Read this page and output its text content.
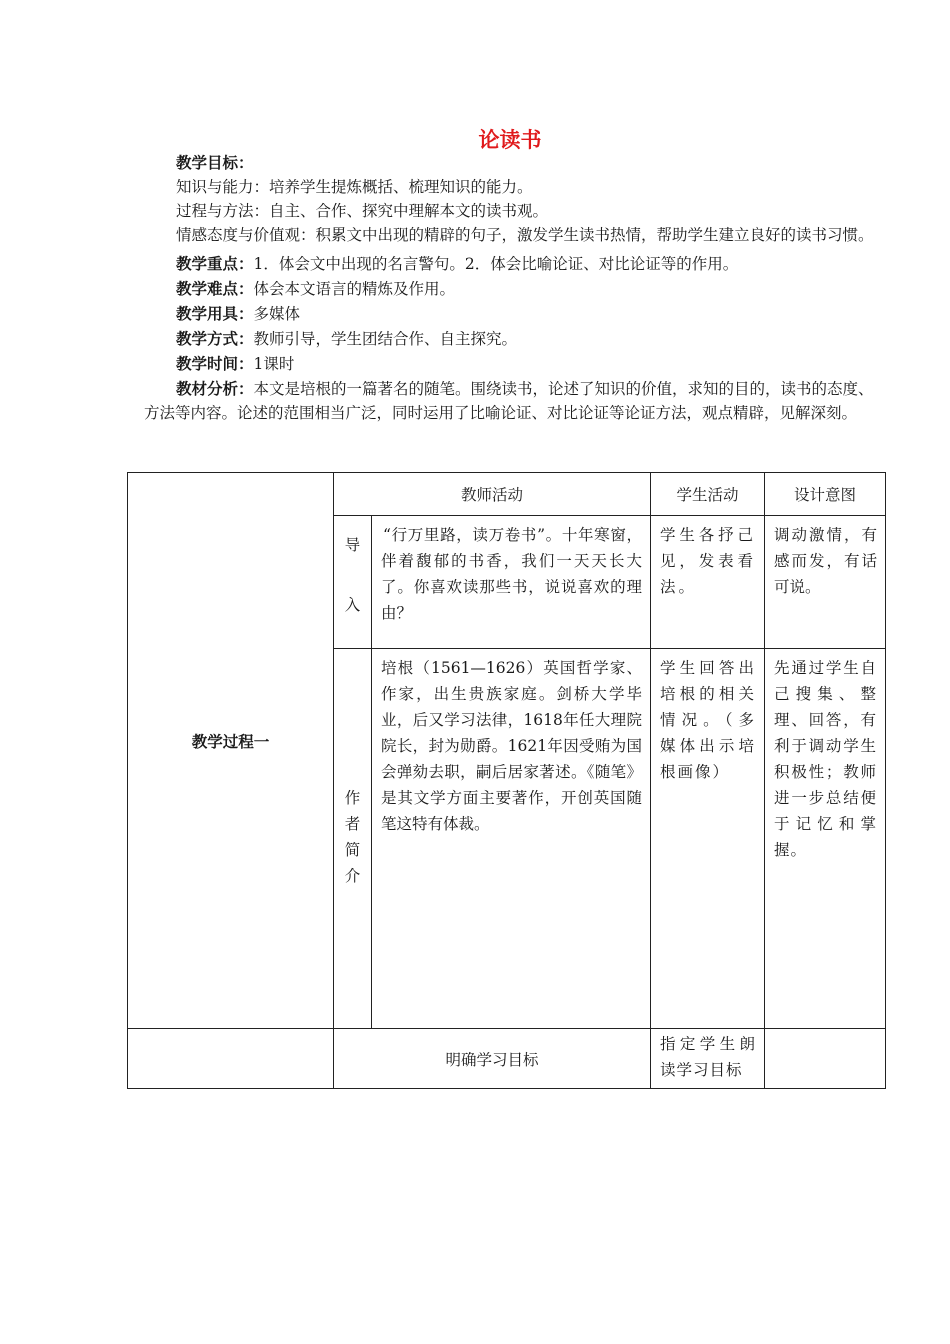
论读书

教学目标：

知识与能力：培养学生提炼概括、梳理知识的能力。

过程与方法：自主、合作、探究中理解本文的读书观。

情感态度与价值观：积累文中出现的精辟的句子，激发学生读书热情，帮助学生建立良好的读书习惯。

教学重点：1．体会文中出现的名言警句。2．体会比喻论证、对比论证等的作用。

教学难点：体会本文语言的精炼及作用。

教学用具：多媒体

教学方式：教师引导，学生团结合作、自主探究。

教学时间：1课时

教材分析：本文是培根的一篇著名的随笔。围绕读书，论述了知识的价值，求知的目的，读书的态度、方法等内容。论述的范围相当广泛，同时运用了比喻论证、对比论证等论证方法，观点精辟，见解深刻。

教学过程一	教师活动		学生活动	设计意图

	导
入	“行万里路，读万卷书”。十年寒窗，伴着馥郁的书香，我们一天天长大了。你喜欢读那些书，说说喜欢的理由？	学生各抒己见，发表看法。	调动激情，有感而发，有话可说。

	作
者
简
介	培根（1561—1626）英国哲学家、作家，出生贵族家庭。剑桥大学毕业，后又学习法律，1618年任大理院院长，封为勋爵。1621年因受贿为国会弹劾去职，嗣后居家著述。《随笔》是其文学方面主要著作，开创英国随笔这特有体裁。	学生回答出培根的相关情况。（多媒体出示培根画像）	先通过学生自己搜集、整理、回答，有利于调动学生积极性；教师进一步总结便于记忆和掌握。

	明确学习目标		指定学生朗读学习目标	
